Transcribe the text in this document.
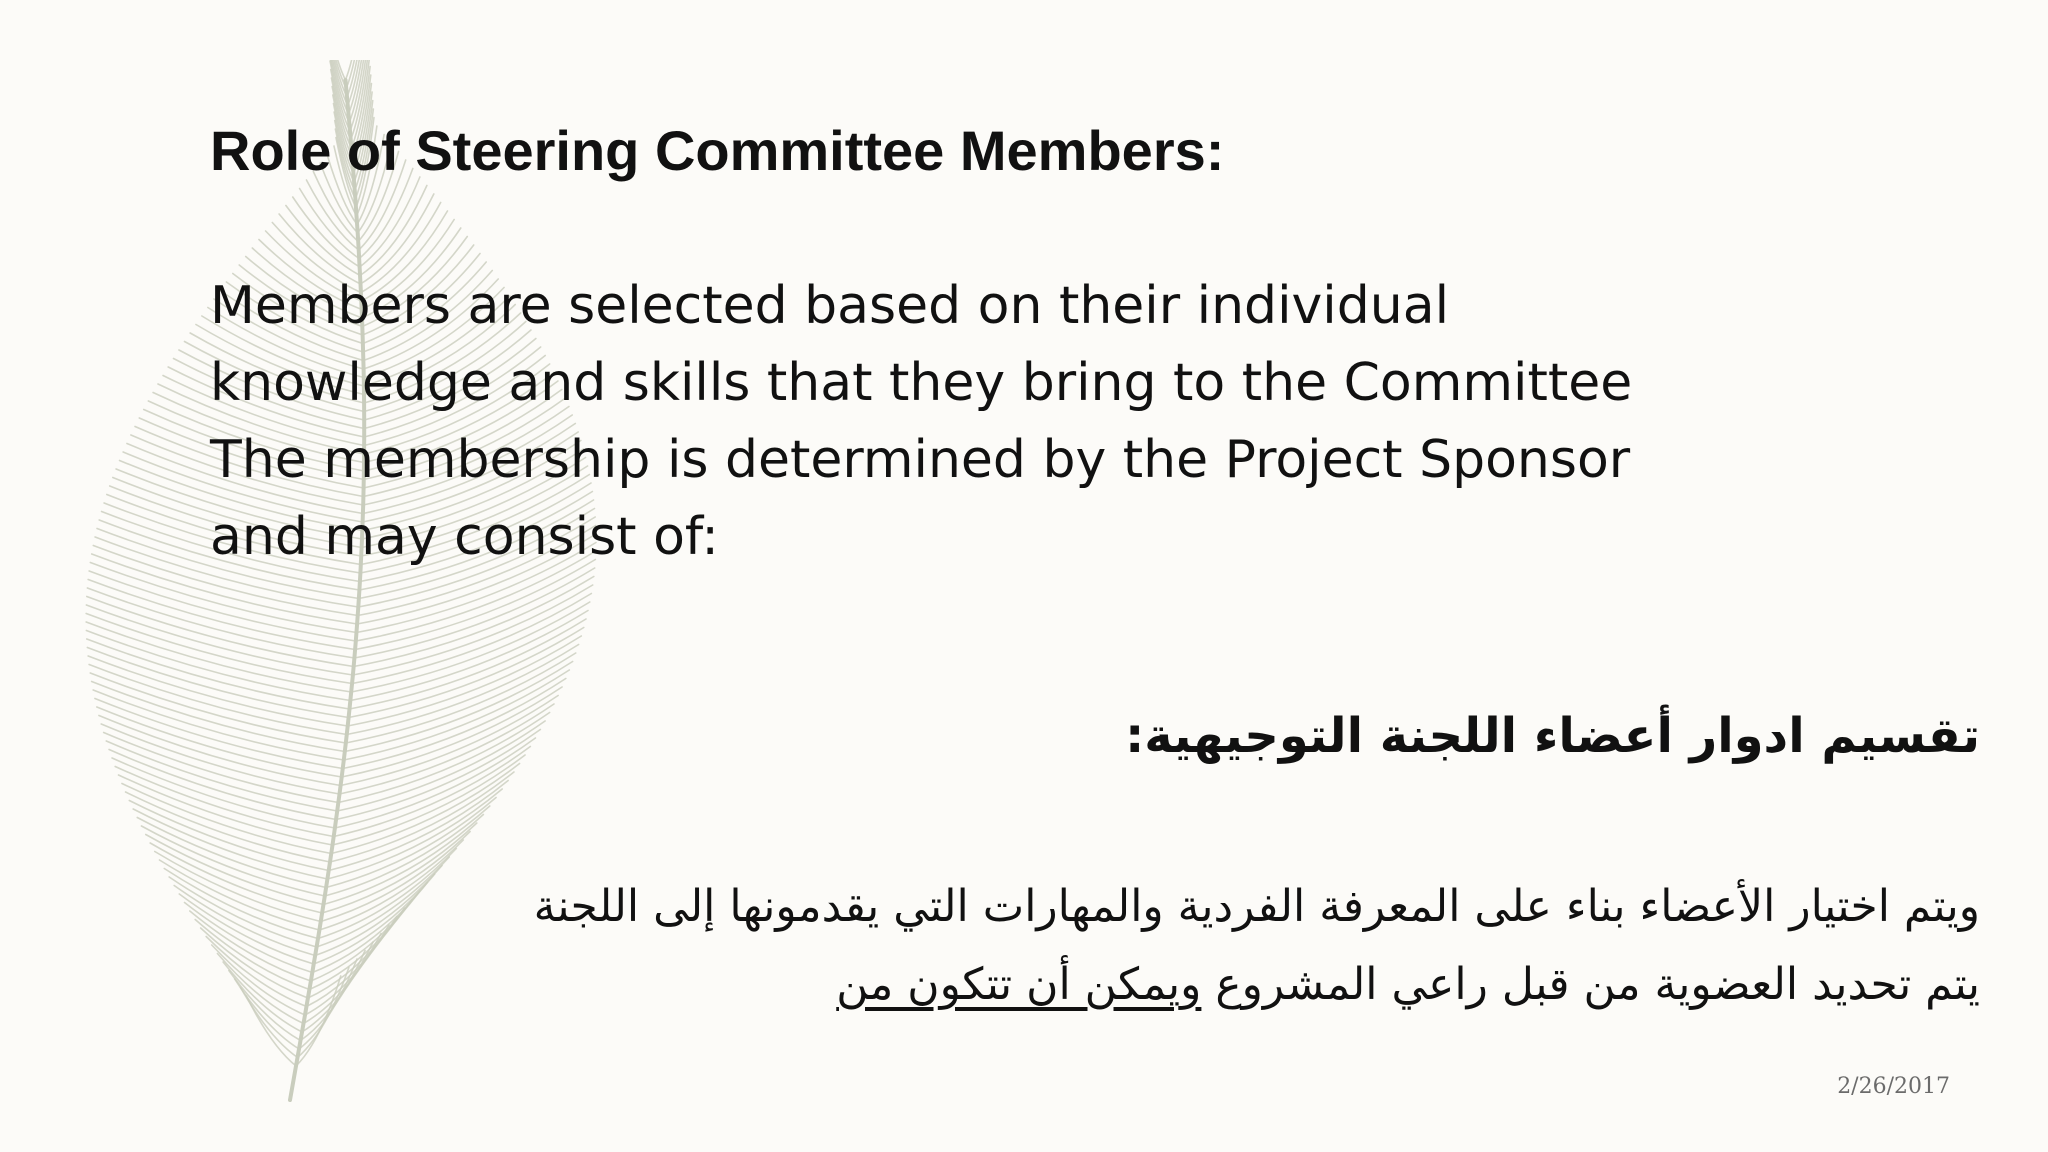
Role of Steering Committee Members:
Members are selected based on their individual
knowledge and skills that they bring to the Committee
The membership is determined by the Project Sponsor
and may consist of:
تقسيم ادوار أعضاء اللجنة التوجيهية:
ويتم اختيار الأعضاء بناء على المعرفة الفردية والمهارات التي يقدمونها إلى اللجنة
يتم تحديد العضوية من قبل راعي المشروع ويمكن أن تتكون من
2/26/2017
